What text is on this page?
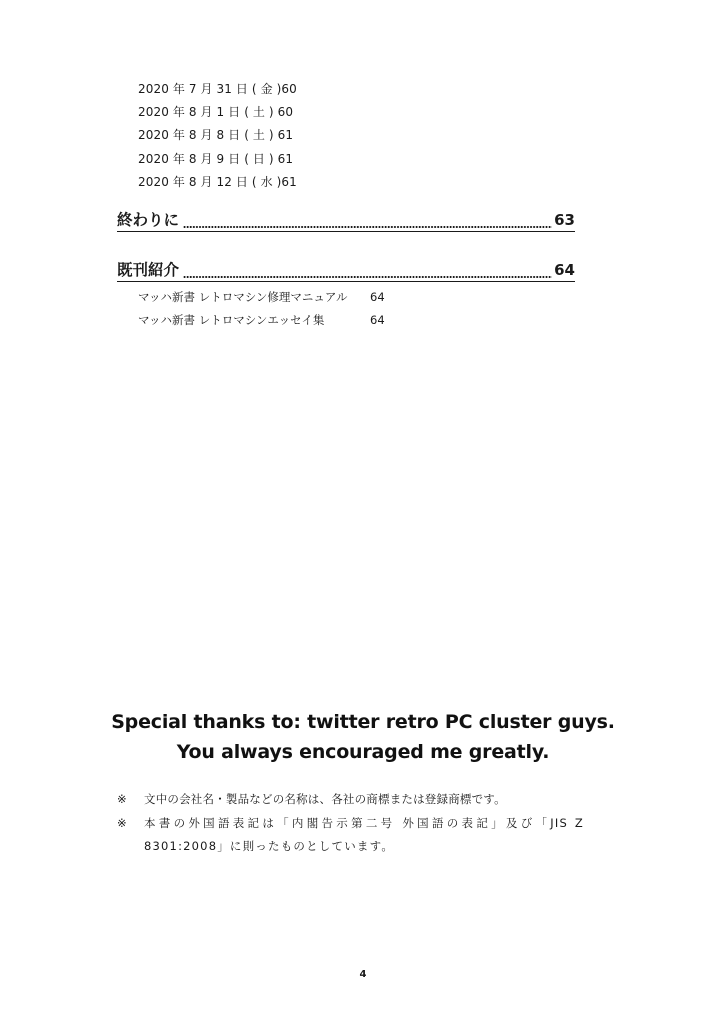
2020 年 7 月 31 日 ( 金 )60
2020 年 8 月 1 日 ( 土 ) 60
2020 年 8 月 8 日 ( 土 ) 61
2020 年 8 月 9 日 ( 日 ) 61
2020 年 8 月 12 日 ( 水 )61
終わりに	63
既刊紹介	64
マッハ新書 レトロマシン修理マニュアル 64
マッハ新書 レトロマシンエッセイ集	64
Special thanks to: twitter retro PC cluster guys.
You always encouraged me greatly.
※	文中の会社名・製品などの名称は、各社の商標または登録商標です。
※	本書の外国語表記は「内閣告示第二号 外国語の表記」及び「JIS Z 8301:2008」に則ったものとしています。
4
